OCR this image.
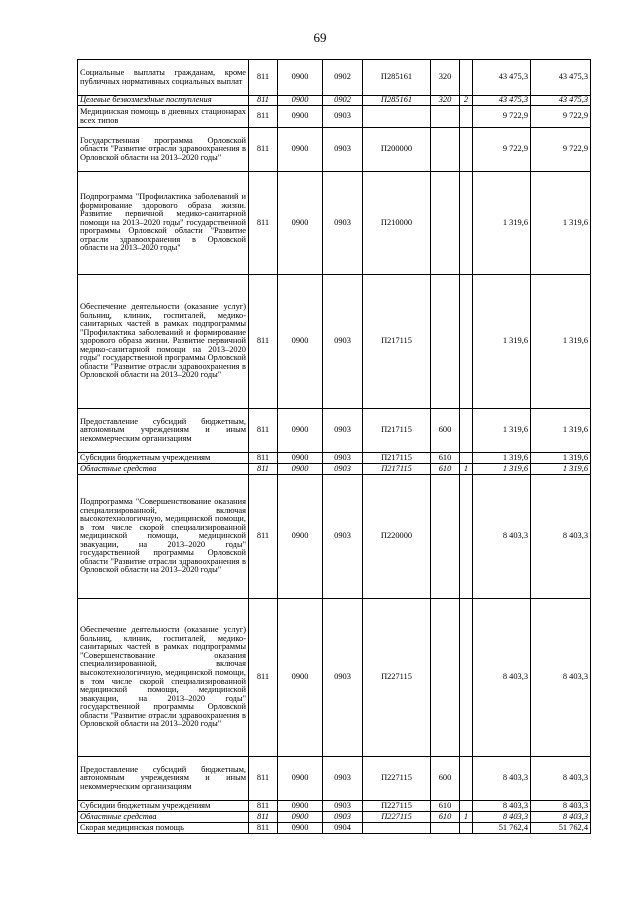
69
Социальные выплаты гражданам, кроме публичных нормативных социальных выплат	811	0900	0902	П285161	320		43 475,3	43 475,3
Целевые безвозмездные поступления	811	0900	0902	П285161	320	2	43 475,3	43 475,3
Медицинская помощь в дневных стационарах всех типов	811	0900	0903				9 722,9	9 722,9
Государственная программа Орловской области "Развитие отрасли здравоохранения в Орловской области на 2013–2020 годы"	811	0900	0903	П200000			9 722,9	9 722,9
Подпрограмма "Профилактика заболеваний и формирование здорового образа жизни. Развитие первичной медико-санитарной помощи на 2013–2020 годы" государственной программы Орловской области "Развитие отрасли здравоохранения в Орловской области на 2013–2020 годы"	811	0900	0903	П210000			1 319,6	1 319,6
Обеспечение деятельности (оказание услуг) больниц, клиник, госпиталей, медико-санитарных частей в рамках подпрограммы "Профилактика заболеваний и формирование здорового образа жизни. Развитие первичной медико-санитарной помощи на 2013–2020 годы" государственной программы Орловской области "Развитие отрасли здравоохранения в Орловской области на 2013–2020 годы"	811	0900	0903	П217115			1 319,6	1 319,6
Предоставление субсидий бюджетным, автономным учреждениям и иным некоммерческим организациям	811	0900	0903	П217115	600		1 319,6	1 319,6
Субсидии бюджетным учреждениям	811	0900	0903	П217115	610		1 319,6	1 319,6
Областные средства	811	0900	0903	П217115	610	1	1 319,6	1 319,6
Подпрограмма "Совершенствование оказания специализированной, включая высокотехнологичную, медицинской помощи, в том числе скорой специализированной медицинской помощи, медицинской эвакуации, на 2013–2020 годы" государственной программы Орловской области "Развитие отрасли здравоохранения в Орловской области на 2013–2020 годы"	811	0900	0903	П220000			8 403,3	8 403,3
Обеспечение деятельности (оказание услуг) больниц, клиник, госпиталей, медико-санитарных частей в рамках подпрограммы "Совершенствование оказания специализированной, включая высокотехнологичную, медицинской помощи, в том числе скорой специализированной медицинской помощи, медицинской эвакуации, на 2013–2020 годы" государственной программы Орловской области "Развитие отрасли здравоохранения в Орловской области на 2013–2020 годы"	811	0900	0903	П227115			8 403,3	8 403,3
Предоставление субсидий бюджетным, автономным учреждениям и иным некоммерческим организациям	811	0900	0903	П227115	600		8 403,3	8 403,3
Субсидии бюджетным учреждениям	811	0900	0903	П227115	610		8 403,3	8 403,3
Областные средства	811	0900	0903	П227115	610	1	8 403,3	8 403,3
Скорая медицинская помощь	811	0900	0904				51 762,4	51 762,4
